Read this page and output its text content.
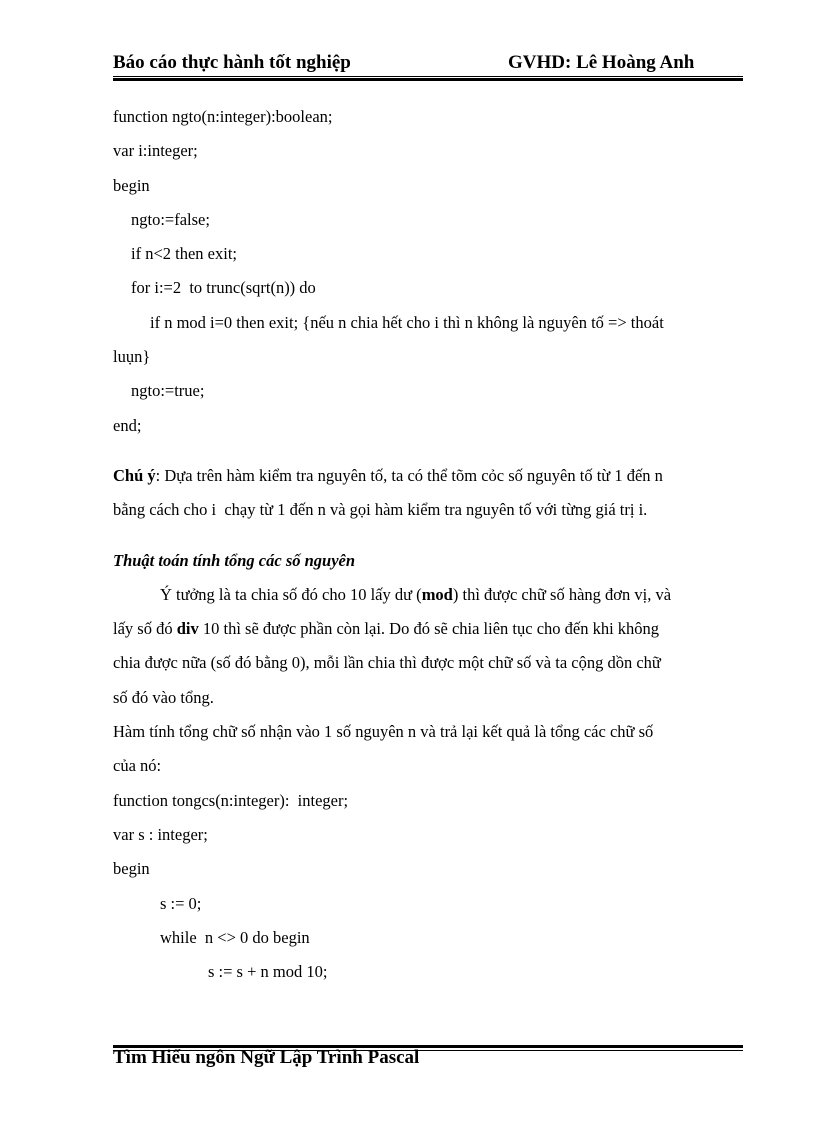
Báo cáo thực hành tốt nghiệp	GVHD: Lê Hoàng Anh
function ngto(n:integer):boolean;
var i:integer;
begin
ngto:=false;
if n<2 then exit;
for i:=2  to trunc(sqrt(n)) do
if n mod i=0 then exit; {nếu n chia hết cho i thì n không là nguyên tố => thoát
luụn}
ngto:=true;
end;
Chú ý: Dựa trên hàm kiểm tra nguyên tố, ta có thể tõm cỏc số nguyên tố từ 1 đến n
bằng cách cho i  chạy từ 1 đến n và gọi hàm kiểm tra nguyên tố với từng giá trị i.
Thuật toán tính tổng các số nguyên
Ý tưởng là ta chia số đó cho 10 lấy dư (mod) thì được chữ số hàng đơn vị, và
lấy số đó div 10 thì sẽ được phần còn lại. Do đó sẽ chia liên tục cho đến khi không
chia được nữa (số đó bằng 0), mỗi lần chia thì được một chữ số và ta cộng dồn chữ
số đó vào tổng.
Hàm tính tổng chữ số nhận vào 1 số nguyên n và trả lại kết quả là tổng các chữ số
của nó:
function tongcs(n:integer):  integer;
var s : integer;
begin
s := 0;
while  n <> 0 do begin
s := s + n mod 10;
Tìm Hiểu ngôn Ngữ Lập Trình Pascal
